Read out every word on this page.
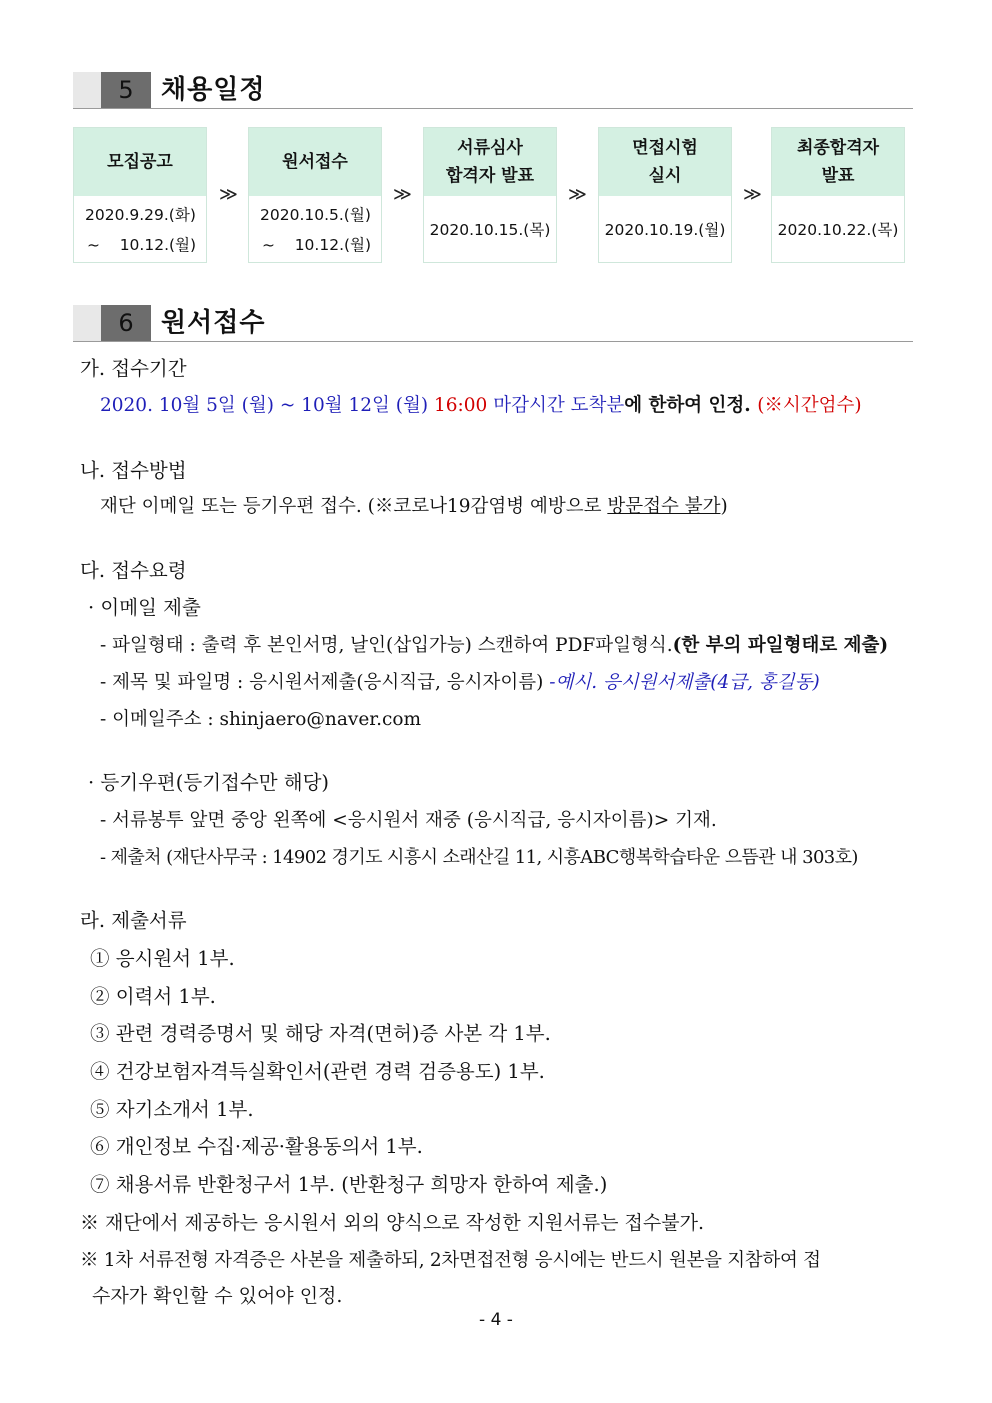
5	채용일정
모집공고
2020.9.29.(화)
~    10.12.(월)
≫
원서접수
2020.10.5.(월)
~    10.12.(월)
≫
서류심사
합격자 발표
2020.10.15.(목)
≫
면접시험
실시
2020.10.19.(월)
≫
최종합격자
발표
2020.10.22.(목)
6	원서접수
가. 접수기간
2020. 10월 5일 (월) ~ 10월 12일 (월) 16:00 마감시간 도착분에 한하여 인정. (※시간엄수)
나. 접수방법
재단 이메일 또는 등기우편 접수. (※코로나19감염병 예방으로 방문접수 불가)
다. 접수요령
· 이메일 제출
- 파일형태 : 출력 후 본인서명, 날인(삽입가능) 스캔하여 PDF파일형식.(한 부의 파일형태로 제출)
- 제목 및 파일명 : 응시원서제출(응시직급, 응시자이름) -예시. 응시원서제출(4급, 홍길동)
- 이메일주소 : shinjaero@naver.com
· 등기우편(등기접수만 해당)
- 서류봉투 앞면 중앙 왼쪽에 <응시원서 재중 (응시직급, 응시자이름)> 기재.
- 제출처 (재단사무국 : 14902 경기도 시흥시 소래산길 11, 시흥ABC행복학습타운 으뜸관 내 303호)
라. 제출서류
① 응시원서 1부.
② 이력서 1부.
③ 관련 경력증명서 및 해당 자격(면허)증 사본 각 1부.
④ 건강보험자격득실확인서(관련 경력 검증용도) 1부.
⑤ 자기소개서 1부.
⑥ 개인정보 수집·제공·활용동의서 1부.
⑦ 채용서류 반환청구서 1부. (반환청구 희망자 한하여 제출.)
※ 재단에서 제공하는 응시원서 외의 양식으로 작성한 지원서류는 접수불가.
※ 1차 서류전형 자격증은 사본을 제출하되, 2차면접전형 응시에는 반드시 원본을 지참하여 접
수자가 확인할 수 있어야 인정.
- 4 -
